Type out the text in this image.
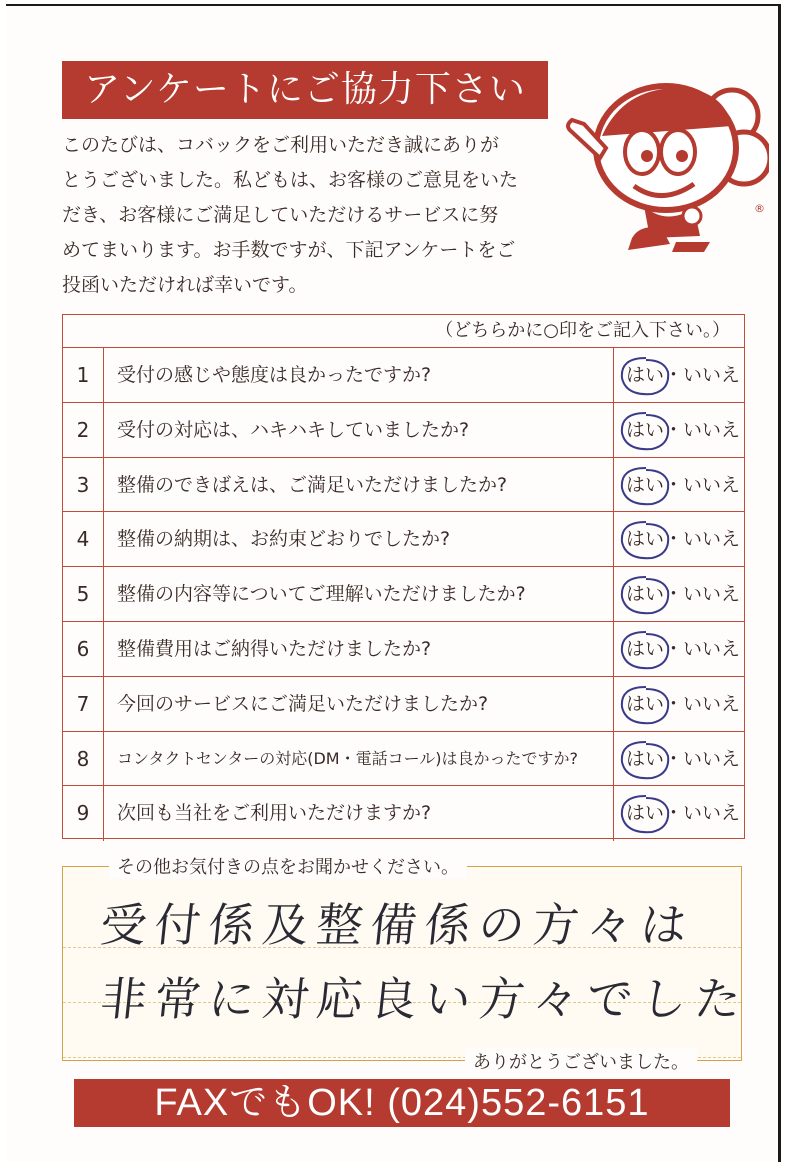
アンケートにご協力下さい
このたびは、コバックをご利用いただき誠にありが
とうございました。私どもは、お客様のご意見をいた
だき、お客様にご満足していただけるサービスに努
めてまいります。お手数ですが、下記アンケートをご
投函いただければ幸いです。
®
（どちらかに○印をご記入下さい。）
1	受付の感じや態度は良かったですか?	はい・いいえ
2	受付の対応は、ハキハキしていましたか?	はい・いいえ
3	整備のできばえは、ご満足いただけましたか?	はい・いいえ
4	整備の納期は、お約束どおりでしたか?	はい・いいえ
5	整備の内容等についてご理解いただけましたか?	はい・いいえ
6	整備費用はご納得いただけましたか?	はい・いいえ
7	今回のサービスにご満足いただけましたか?	はい・いいえ
8	コンタクトセンターの対応(DM・電話コール)は良かったですか?	はい・いいえ
9	次回も当社をご利用いただけますか?	はい・いいえ
その他お気付きの点をお聞かせください。
受付係及整備係の方々は
非常に対応良い方々でした
ありがとうございました。
FAXでもOK! (024)552-6151
